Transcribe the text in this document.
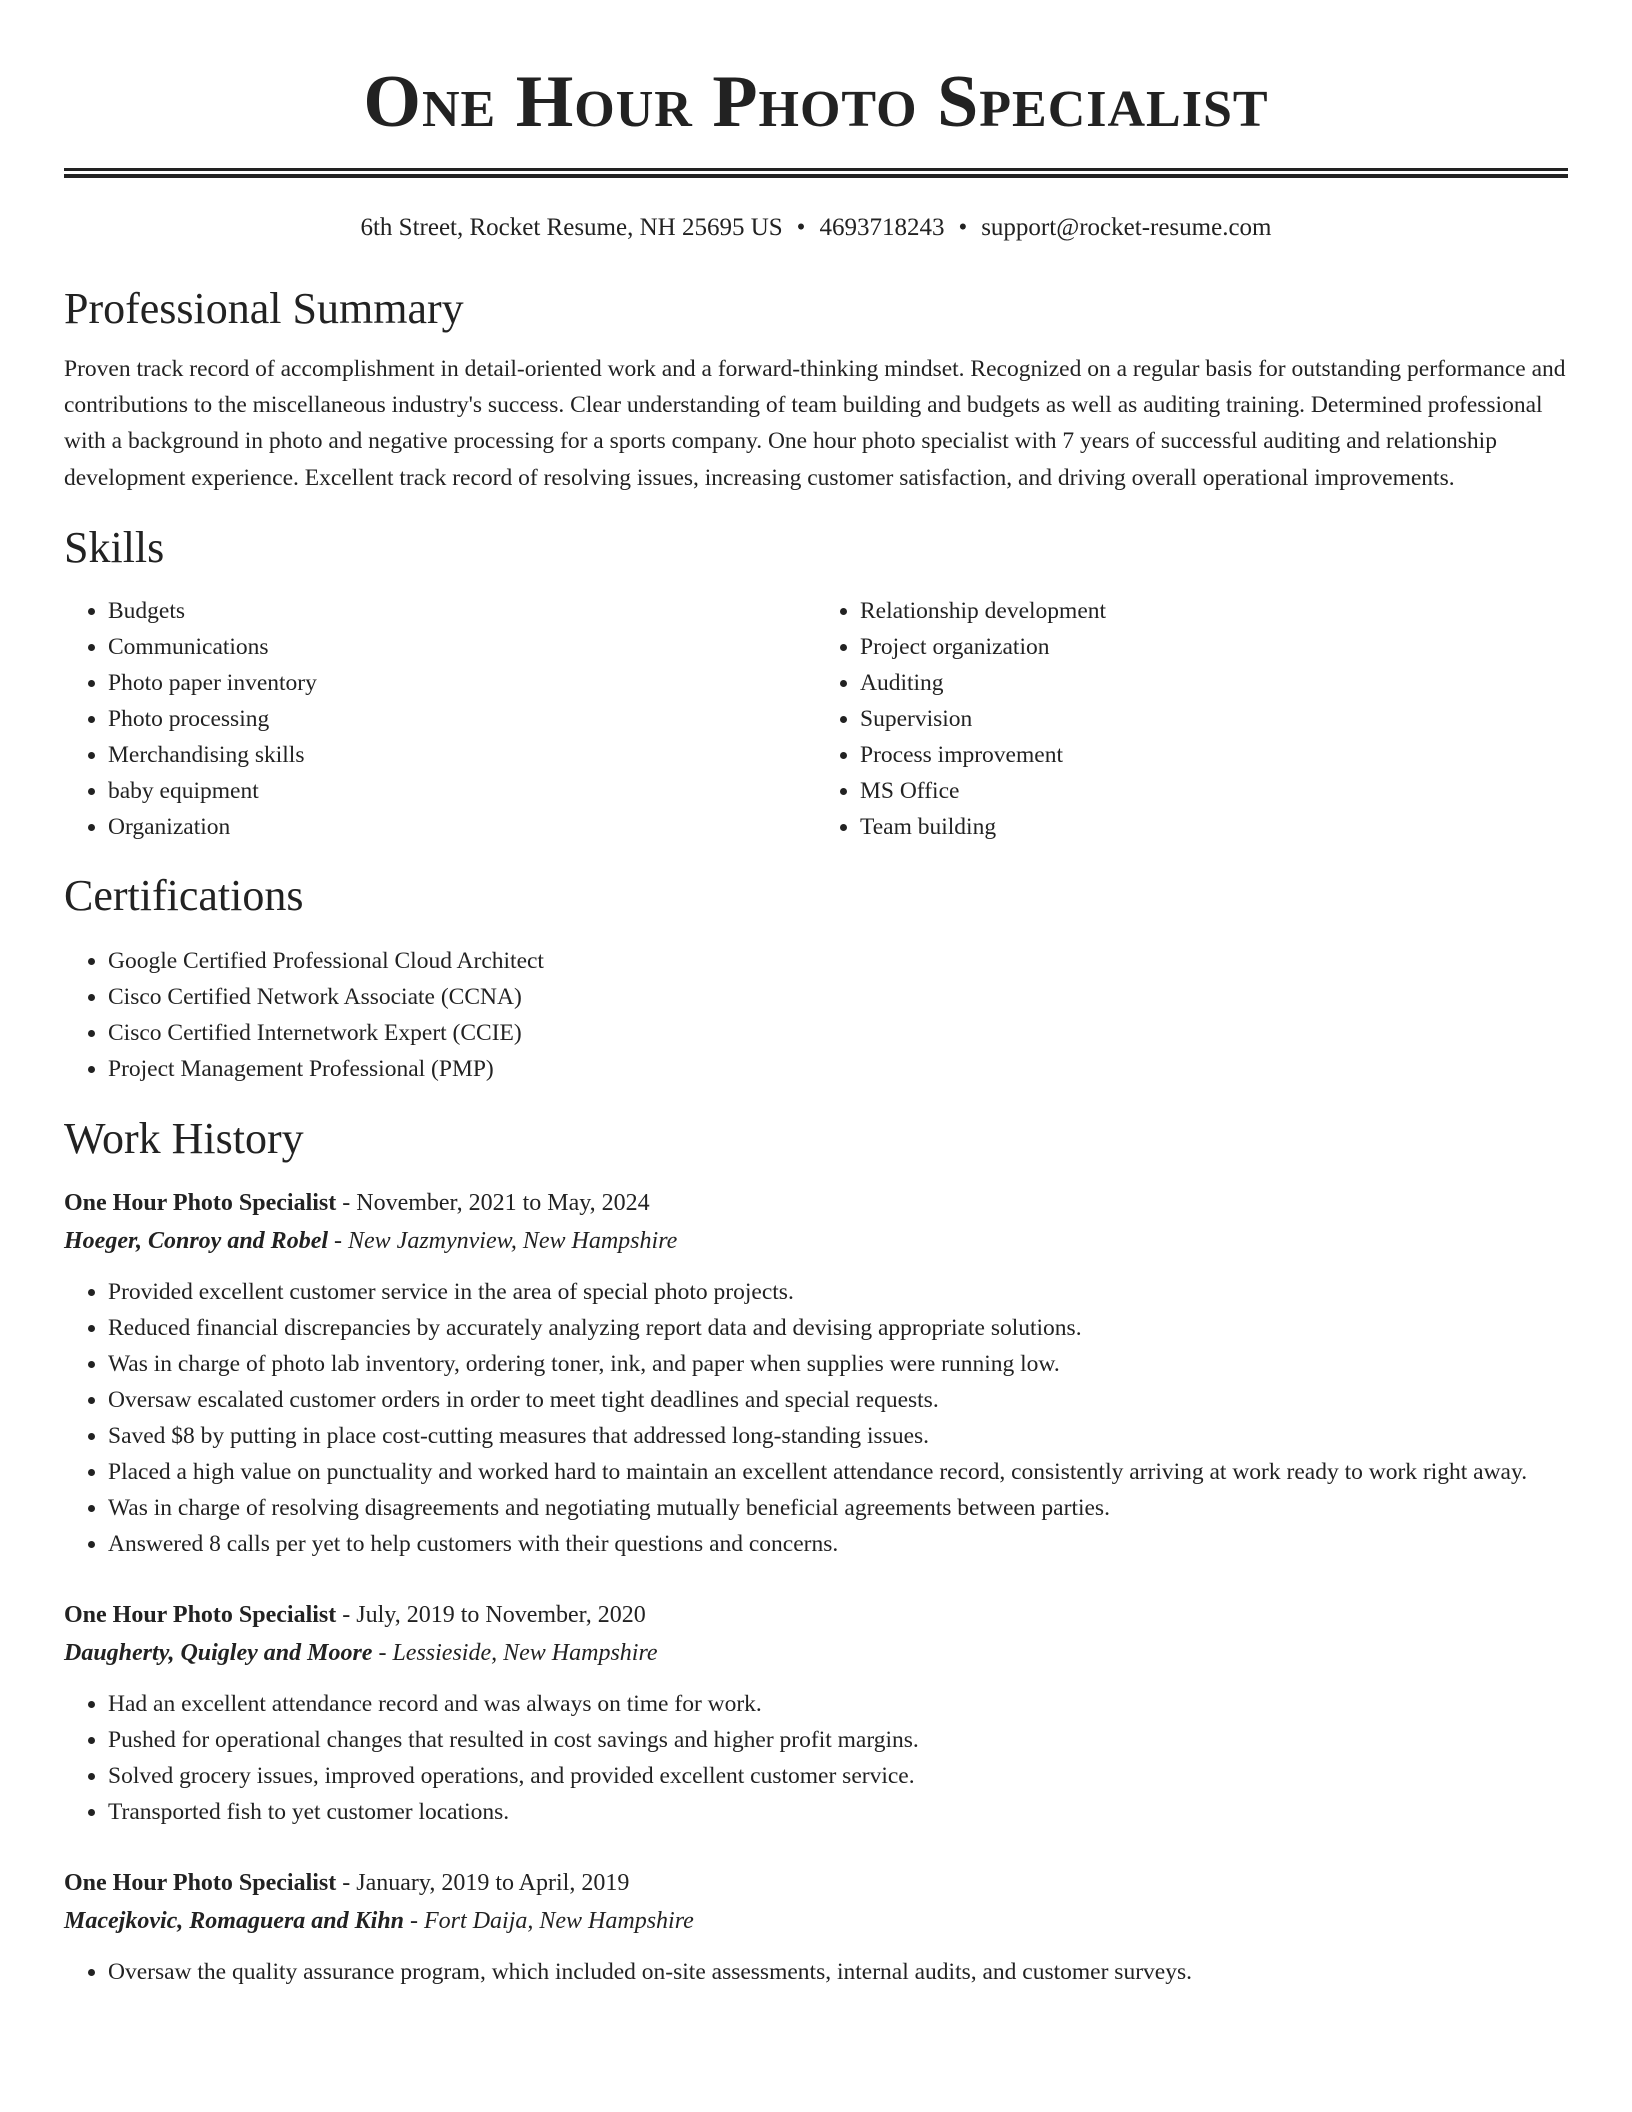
One Hour Photo Specialist
6th Street, Rocket Resume, NH 25695 US • 4693718243 • support@rocket-resume.com
Professional Summary
Proven track record of accomplishment in detail-oriented work and a forward-thinking mindset. Recognized on a regular basis for outstanding performance and contributions to the miscellaneous industry's success. Clear understanding of team building and budgets as well as auditing training. Determined professional with a background in photo and negative processing for a sports company. One hour photo specialist with 7 years of successful auditing and relationship development experience. Excellent track record of resolving issues, increasing customer satisfaction, and driving overall operational improvements.
Skills
• Budgets
• Communications
• Photo paper inventory
• Photo processing
• Merchandising skills
• baby equipment
• Organization
• Relationship development
• Project organization
• Auditing
• Supervision
• Process improvement
• MS Office
• Team building
Certifications
• Google Certified Professional Cloud Architect
• Cisco Certified Network Associate (CCNA)
• Cisco Certified Internetwork Expert (CCIE)
• Project Management Professional (PMP)
Work History
One Hour Photo Specialist - November, 2021 to May, 2024
Hoeger, Conroy and Robel - New Jazmynview, New Hampshire
• Provided excellent customer service in the area of special photo projects.
• Reduced financial discrepancies by accurately analyzing report data and devising appropriate solutions.
• Was in charge of photo lab inventory, ordering toner, ink, and paper when supplies were running low.
• Oversaw escalated customer orders in order to meet tight deadlines and special requests.
• Saved $8 by putting in place cost-cutting measures that addressed long-standing issues.
• Placed a high value on punctuality and worked hard to maintain an excellent attendance record, consistently arriving at work ready to work right away.
• Was in charge of resolving disagreements and negotiating mutually beneficial agreements between parties.
• Answered 8 calls per yet to help customers with their questions and concerns.
One Hour Photo Specialist - July, 2019 to November, 2020
Daugherty, Quigley and Moore - Lessieside, New Hampshire
• Had an excellent attendance record and was always on time for work.
• Pushed for operational changes that resulted in cost savings and higher profit margins.
• Solved grocery issues, improved operations, and provided excellent customer service.
• Transported fish to yet customer locations.
One Hour Photo Specialist - January, 2019 to April, 2019
Macejkovic, Romaguera and Kihn - Fort Daija, New Hampshire
• Oversaw the quality assurance program, which included on-site assessments, internal audits, and customer surveys.
